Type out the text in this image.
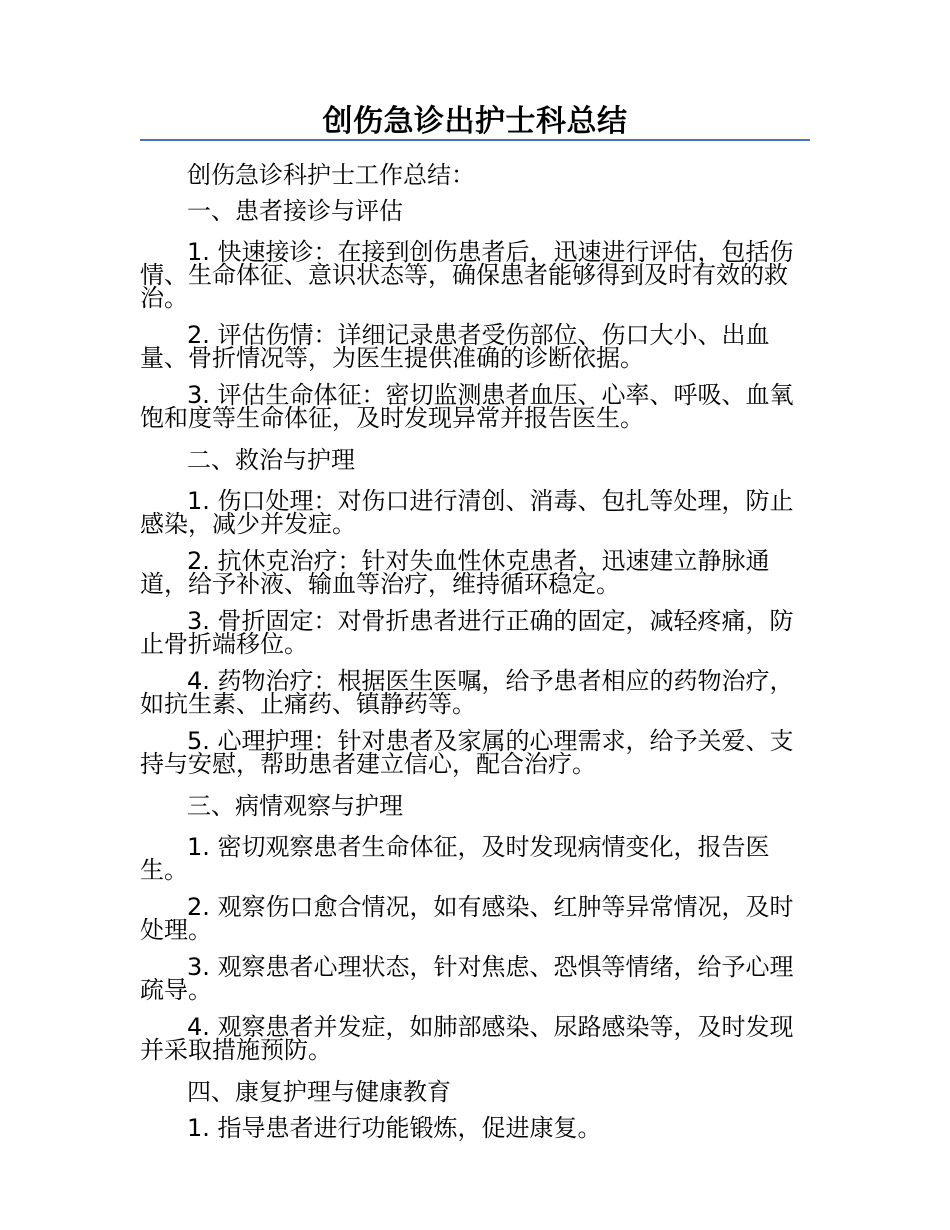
创伤急诊出护士科总结

创伤急诊科护士工作总结：

一、患者接诊与评估

1. 快速接诊：在接到创伤患者后，迅速进行评估，包括伤情、生命体征、意识状态等，确保患者能够得到及时有效的救治。

2. 评估伤情：详细记录患者受伤部位、伤口大小、出血量、骨折情况等，为医生提供准确的诊断依据。

3. 评估生命体征：密切监测患者血压、心率、呼吸、血氧饱和度等生命体征，及时发现异常并报告医生。

二、救治与护理

1. 伤口处理：对伤口进行清创、消毒、包扎等处理，防止感染，减少并发症。

2. 抗休克治疗：针对失血性休克患者，迅速建立静脉通道，给予补液、输血等治疗，维持循环稳定。

3. 骨折固定：对骨折患者进行正确的固定，减轻疼痛，防止骨折端移位。

4. 药物治疗：根据医生医嘱，给予患者相应的药物治疗，如抗生素、止痛药、镇静药等。

5. 心理护理：针对患者及家属的心理需求，给予关爱、支持与安慰，帮助患者建立信心，配合治疗。

三、病情观察与护理

1. 密切观察患者生命体征，及时发现病情变化，报告医生。

2. 观察伤口愈合情况，如有感染、红肿等异常情况，及时处理。

3. 观察患者心理状态，针对焦虑、恐惧等情绪，给予心理疏导。

4. 观察患者并发症，如肺部感染、尿路感染等，及时发现并采取措施预防。

四、康复护理与健康教育

1. 指导患者进行功能锻炼，促进康复。
